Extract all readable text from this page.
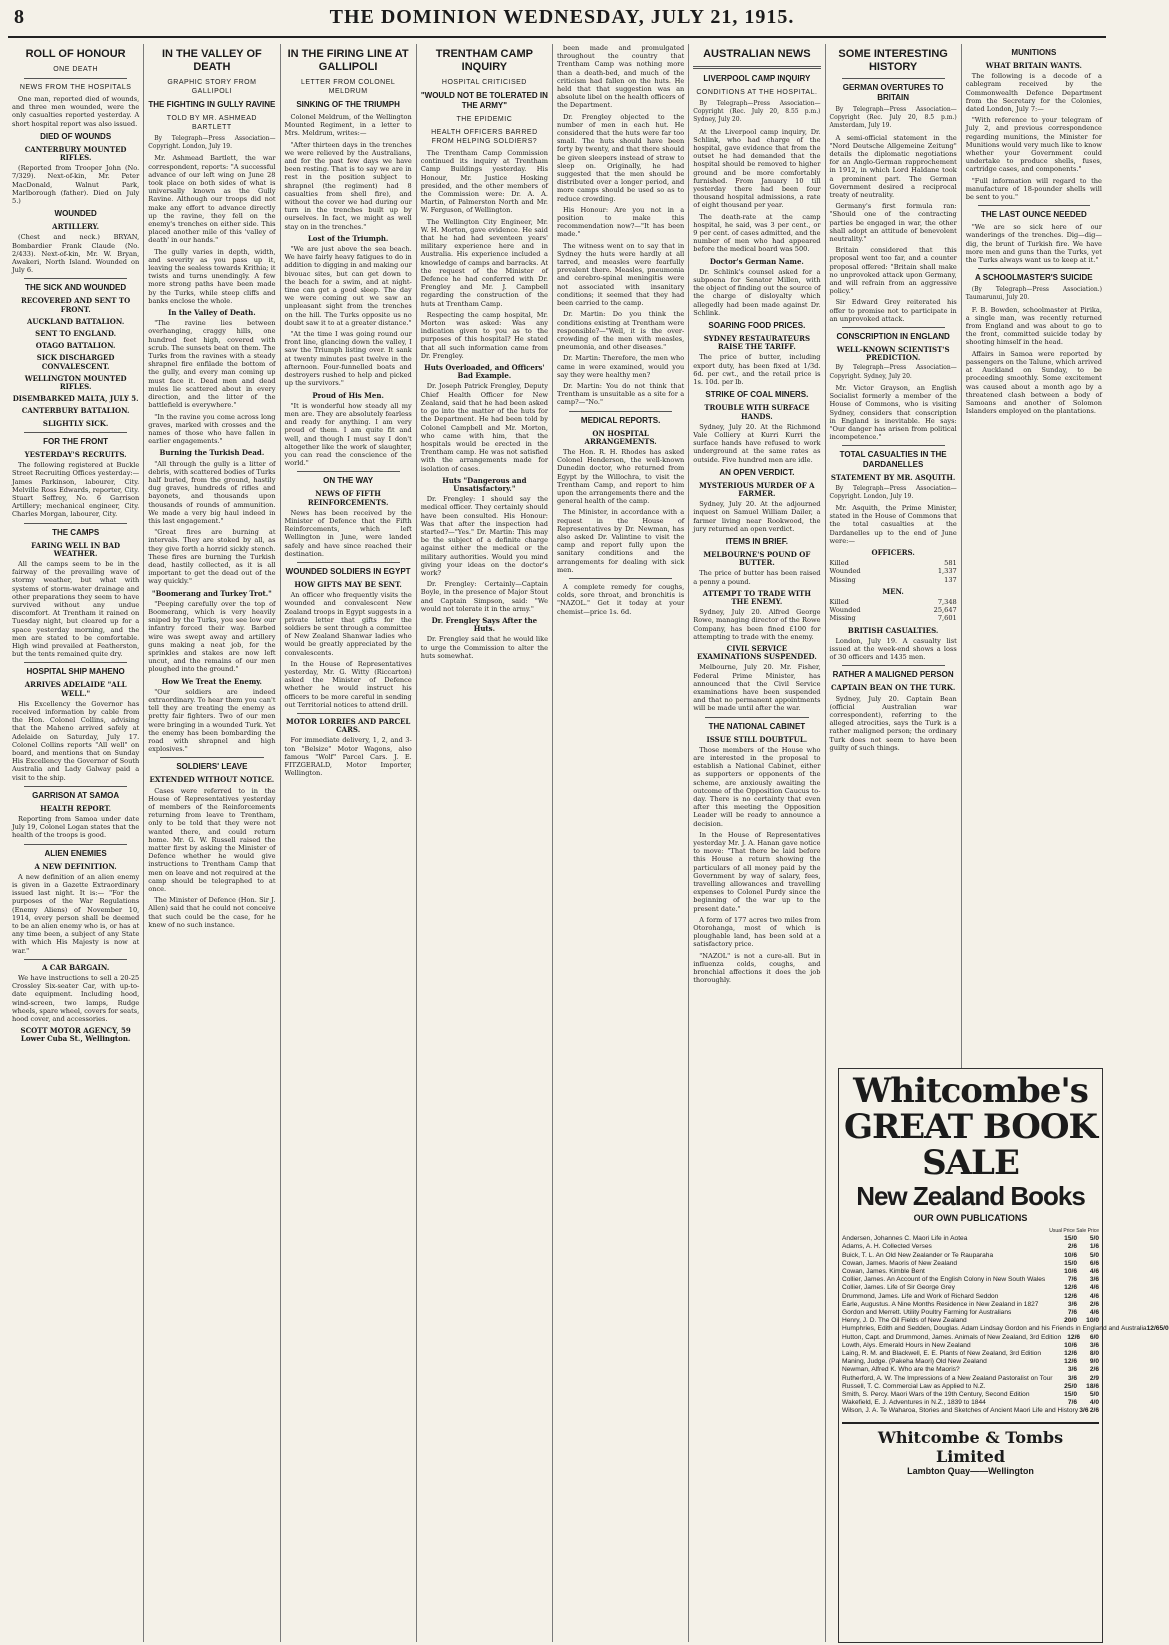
8	THE DOMINION WEDNESDAY, JULY 21, 1915.
ROLL OF HONOUR
ONE DEATH
NEWS FROM THE HOSPITALS

One man, reported died of wounds, and three men wounded, were the only casualties reported yesterday. A short hospital report was also issued.

DIED OF WOUNDS
CANTERBURY MOUNTED RIFLES.

(Reported from Trooper John (No. 7/329). Next-of-kin, Mr. Peter MacDonald, Walnut Park, Marlborough (father). Died on July 5.)

WOUNDED
ARTILLERY.

(Chest and neck.) BRYAN, Bombardier Frank Claude (No. 2/433). Next-of-kin, Mr. W. Bryan, Awakeri, North Island. Wounded on July 6.

THE SICK AND WOUNDED
RECOVERED AND SENT TO FRONT.
AUCKLAND BATTALION.
SENT TO ENGLAND.
OTAGO BATTALION.
SICK DISCHARGED CONVALESCENT.
WELLINGTON MOUNTED RIFLES.
DISEMBARKED MALTA, JULY 5.
CANTERBURY BATTALION.
SLIGHTLY SICK.
FOR THE FRONT
YESTERDAY'S RECRUITS.

The following registered at Buckle Street Recruiting Offices yesterday:— James Parkinson, labourer, City. Melville Ross Edwards, reporter, City. Stuart Seffrey, No. 6 Garrison Artillery; mechanical engineer, City. Charles Morgan, labourer, City.

THE CAMPS
FARING WELL IN BAD WEATHER.

All the camps seem to be in the fairway of the prevailing wave of stormy weather, but what with systems of storm-water drainage and other preparations they seem to have survived without any undue discomfort. At Trentham it rained on Tuesday night, but cleared up for a space yesterday morning, and the men are stated to be comfortable. High wind prevailed at Featherston, but the tents remained quite dry.

HOSPITAL SHIP MAHENO
ARRIVES ADELAIDE "ALL WELL."

His Excellency the Governor has received information by cable from the Hon. Colonel Collins, advising that the Maheno arrived safely at Adelaide on Saturday, July 17. Colonel Collins reports "All well" on board, and mentions that on Sunday His Excellency the Governor of South Australia and Lady Galway paid a visit to the ship.

GARRISON AT SAMOA
HEALTH REPORT.

Reporting from Samoa under date July 19, Colonel Logan states that the health of the troops is good.

ALIEN ENEMIES
A NEW DEFINITION.

A new definition of an alien enemy is given in a Gazette Extraordinary issued last night. It is:— "For the purposes of the War Regulations (Enemy Aliens) of November 10, 1914, every person shall be deemed to be an alien enemy who is, or has at any time been, a subject of any State with which His Majesty is now at war."

A CAR BARGAIN.

We have instructions to sell a 20-25 Crossley Six-seater Car, with up-to-date equipment. Including hood, wind-screen, two lamps, Rudge wheels, spare wheel, covers for seats, hood cover, and accessories.

SCOTT MOTOR AGENCY, 59 Lower Cuba St., Wellington.
IN THE VALLEY OF DEATH
GRAPHIC STORY FROM GALLIPOLI
THE FIGHTING IN GULLY RAVINE
TOLD BY MR. ASHMEAD BARTLETT

By Telegraph—Press Association—Copyright. London, July 19.

Mr. Ashmead Bartlett, the war correspondent, reports: "A successful advance of our left wing on June 28 took place on both sides of what is universally known as the Gully Ravine. Although our troops did not make any effort to advance directly up the ravine, they fell on the enemy's trenches on either side. This placed another mile of this 'valley of death' in our hands."

The gully varies in depth, width, and severity as you pass up it, leaving the sealess towards Krithia; it twists and turns unendingly. A few more strong paths have been made by the Turks, while steep cliffs and banks enclose the whole.

In the Valley of Death.

"The ravine lies between overhanging, craggy hills, one hundred feet high, covered with scrub. The sunsets beat on them. The Turks from the ravines with a steady shrapnel fire enfilade the bottom of the gully, and every man coming up must face it. Dead men and dead mules lie scattered about in every direction, and the litter of the battlefield is everywhere."

"In the ravine you come across long graves, marked with crosses and the names of those who have fallen in earlier engagements."

Burning the Turkish Dead.

"All through the gully is a litter of debris, with scattered bodies of Turks half buried, from the ground, hastily dug graves, hundreds of rifles and bayonets, and thousands upon thousands of rounds of ammunition. We made a very big haul indeed in this last engagement."

"Great fires are burning at intervals. They are stoked by all, as they give forth a horrid sickly stench. These fires are burning the Turkish dead, hastily collected, as it is all important to get the dead out of the way quickly."

"Boomerang and Turkey Trot."

"Peeping carefully over the top of Boomerang, which is very heavily sniped by the Turks, you see low our infantry forced their way. Barbed wire was swept away and artillery guns making a neat job, for the sprinkles and stakes are now left uncut, and the remains of our men ploughed into the ground."

How We Treat the Enemy.

"Our soldiers are indeed extraordinary. To hear them you can't tell they are treating the enemy as pretty fair fighters. Two of our men were bringing in a wounded Turk. Yet the enemy has been bombarding the road with shrapnel and high explosives."

SOLDIERS' LEAVE
EXTENDED WITHOUT NOTICE.

Cases were referred to in the House of Representatives yesterday of members of the Reinforcements returning from leave to Trentham, only to be told that they were not wanted there, and could return home. Mr. G. W. Russell raised the matter first by asking the Minister of Defence whether he would give instructions to Trentham Camp that men on leave and not required at the camp should be telegraphed to at once.

The Minister of Defence (Hon. Sir J. Allen) said that he could not conceive that such could be the case, for he knew of no such instance.

IN THE FIRING LINE AT GALLIPOLI
LETTER FROM COLONEL MELDRUM
SINKING OF THE TRIUMPH

Colonel Meldrum, of the Wellington Mounted Regiment, in a letter to Mrs. Meldrum, writes:—

"After thirteen days in the trenches we were relieved by the Australians, and for the past few days we have been resting. That is to say we are in rest in the position subject to shrapnel (the regiment) had 8 casualties from shell fire), and without the cover we had during our turn in the trenches built up by ourselves. In fact, we might as well stay on in the trenches."

Lost of the Triumph.

"We are just above the sea beach. We have fairly heavy fatigues to do in addition to digging in and making our bivouac sites, but can get down to the beach for a swim, and at night-time can get a good sleep. The day we were coming out we saw an unpleasant sight from the trenches on the hill. The Turks opposite us no doubt saw it to at a greater distance."

"At the time I was going round our front line, glancing down the valley, I saw the Triumph listing over. It sank at twenty minutes past twelve in the afternoon. Four-funnelled boats and destroyers rushed to help and picked up the survivors."

Proud of His Men.

"It is wonderful how steady all my men are. They are absolutely fearless and ready for anything. I am very proud of them. I am quite fit and well, and though I must say I don't altogether like the work of slaughter, you can read the conscience of the world."

ON THE WAY
NEWS OF FIFTH REINFORCEMENTS.

News has been received by the Minister of Defence that the Fifth Reinforcements, which left Wellington in June, were landed safely and have since reached their destination.

WOUNDED SOLDIERS IN EGYPT
HOW GIFTS MAY BE SENT.

An officer who frequently visits the wounded and convalescent New Zealand troops in Egypt suggests in a private letter that gifts for the soldiers be sent through a committee of New Zealand Shanwar ladies who would be greatly appreciated by the convalescents.

In the House of Representatives yesterday, Mr. G. Witty (Riccarton) asked the Minister of Defence whether he would instruct his officers to be more careful in sending out Territorial notices to attend drill.

MOTOR LORRIES AND PARCEL CARS.

For immediate delivery, 1, 2, and 3-ton "Belsize" Motor Wagons, also famous "Wolf" Parcel Cars. J. E. FITZGERALD, Motor Importer, Wellington.

TRENTHAM CAMP INQUIRY
HOSPITAL CRITICISED
"WOULD NOT BE TOLERATED IN THE ARMY"
THE EPIDEMIC
HEALTH OFFICERS BARRED FROM HELPING SOLDIERS?

The Trentham Camp Commission continued its inquiry at Trentham Camp Buildings yesterday. His Honour, Mr. Justice Hosking presided, and the other members of the Commission were: Dr. A. A. Martin, of Palmerston North and Mr. W. Ferguson, of Wellington.

The Wellington City Engineer, Mr. W. H. Morton, gave evidence. He said that he had had seventeen years' military experience here and in Australia. His experience included a knowledge of camps and barracks. At the request of the Minister of Defence he had conferred with Dr. Frengley and Mr. J. Campbell regarding the construction of the huts at Trentham Camp.

Respecting the camp hospital, Mr. Morton was asked: Was any indication given to you as to the purposes of this hospital? He stated that all such information came from Dr. Frengley.

Huts Overloaded, and Officers' Bad Example.

Dr. Joseph Patrick Frengley, Deputy Chief Health Officer for New Zealand, said that he had been asked to go into the matter of the huts for the Department. He had been told by Colonel Campbell and Mr. Morton, who came with him, that the hospitals would be erected in the Trentham camp. He was not satisfied with the arrangements made for isolation of cases.

Huts "Dangerous and Unsatisfactory."

Dr. Frengley: I should say the medical officer. They certainly should have been consulted. His Honour: Was that after the inspection had started?—"Yes." Dr. Martin: This may be the subject of a definite charge against either the medical or the military authorities. Would you mind giving your ideas on the doctor's work?

Dr. Frengley: Certainly—Captain Boyle, in the presence of Major Stout and Captain Simpson, said: "We would not tolerate it in the army."

Dr. Frengley Says After the Huts.

Dr. Frengley said that he would like to urge the Commission to alter the huts somewhat.

been made and promulgated throughout the country that Trentham Camp was nothing more than a death-bed, and much of the criticism had fallen on the huts. He held that that suggestion was an absolute libel on the health officers of the Department.

Dr. Frengley objected to the number of men in each hut. He considered that the huts were far too small. The huts should have been forty by twenty, and that there should be given sleepers instead of straw to sleep on. Originally, he had suggested that the men should be distributed over a longer period, and more camps should be used so as to reduce crowding.

His Honour: Are you not in a position to make this recommendation now?—"It has been made."

The witness went on to say that in Sydney the huts were hardly at all tarred, and measles were fearfully prevalent there. Measles, pneumonia and cerebro-spinal meningitis were not associated with insanitary conditions; it seemed that they had been carried to the camp.

Dr. Martin: Do you think the conditions existing at Trentham were responsible?—"Well, it is the over-crowding of the men with measles, pneumonia, and other diseases."

Dr. Martin: Therefore, the men who came in were examined, would you say they were healthy men?

Dr. Martin: You do not think that Trentham is unsuitable as a site for a camp?—"No."

MEDICAL REPORTS.
ON HOSPITAL ARRANGEMENTS.

The Hon. R. H. Rhodes has asked Colonel Henderson, the well-known Dunedin doctor, who returned from Egypt by the Willochra, to visit the Trentham Camp, and report to him upon the arrangements there and the general health of the camp.

The Minister, in accordance with a request in the House of Representatives by Dr. Newman, has also asked Dr. Valintine to visit the camp and report fully upon the sanitary conditions and the arrangements for dealing with sick men.

A complete remedy for coughs, colds, sore throat, and bronchitis is "NAZOL." Get it today at your chemist—price 1s. 6d.

AUSTRALIAN NEWS
LIVERPOOL CAMP INQUIRY
CONDITIONS AT THE HOSPITAL.

By Telegraph—Press Association—Copyright (Rec. July 20, 8.55 p.m.) Sydney, July 20.

At the Liverpool camp inquiry, Dr. Schlink, who had charge of the hospital, gave evidence that from the outset he had demanded that the hospital should be removed to higher ground and be more comfortably furnished. From January 10 till yesterday there had been four thousand hospital admissions, a rate of eight thousand per year.

The death-rate at the camp hospital, he said, was 3 per cent., or 9 per cent. of cases admitted, and the number of men who had appeared before the medical board was 500.

Doctor's German Name.

Dr. Schlink's counsel asked for a subpoena for Senator Millen, with the object of finding out the source of the charge of disloyalty which allegedly had been made against Dr. Schlink.

SOARING FOOD PRICES.
SYDNEY RESTAURATEURS RAISE THE TARIFF.

The price of butter, including export duty, has been fixed at 1/3d. 6d. per cwt., and the retail price is 1s. 10d. per lb.

STRIKE OF COAL MINERS.
TROUBLE WITH SURFACE HANDS.

Sydney, July 20. At the Richmond Vale Colliery at Kurri Kurri the surface hands have refused to work underground at the same rates as outside. Five hundred men are idle.

AN OPEN VERDICT.
MYSTERIOUS MURDER OF A FARMER.

Sydney, July 20. At the adjourned inquest on Samuel William Dailer, a farmer living near Rookwood, the jury returned an open verdict.

ITEMS IN BRIEF.
MELBOURNE'S POUND OF BUTTER.

The price of butter has been raised a penny a pound.

ATTEMPT TO TRADE WITH THE ENEMY.

Sydney, July 20. Alfred George Rowe, managing director of the Rowe Company, has been fined £100 for attempting to trade with the enemy.

CIVIL SERVICE EXAMINATIONS SUSPENDED.

Melbourne, July 20. Mr. Fisher, Federal Prime Minister, has announced that the Civil Service examinations have been suspended and that no permanent appointments will be made until after the war.

THE NATIONAL CABINET
ISSUE STILL DOUBTFUL.

Those members of the House who are interested in the proposal to establish a National Cabinet, either as supporters or opponents of the scheme, are anxiously awaiting the outcome of the Opposition Caucus to-day. There is no certainty that even after this meeting the Opposition Leader will be ready to announce a decision.

In the House of Representatives yesterday Mr. J. A. Hanan gave notice to move: "That there be laid before this House a return showing the particulars of all money paid by the Government by way of salary, fees, travelling allowances and travelling expenses to Colonel Purdy since the beginning of the war up to the present date."

A form of 177 acres two miles from Otorohanga, most of which is ploughable land, has been sold at a satisfactory price.

"NAZOL" is not a cure-all. But in influenza colds, coughs, and bronchial affections it does the job thoroughly.

SOME INTERESTING HISTORY
GERMAN OVERTURES TO BRITAIN

By Telegraph—Press Association—Copyright (Rec. July 20, 8.5 p.m.) Amsterdam, July 19.

A semi-official statement in the "Nord Deutsche Allgemeine Zeitung" details the diplomatic negotiations for an Anglo-German rapprochement in 1912, in which Lord Haldane took a prominent part. The German Government desired a reciprocal treaty of neutrality.

Germany's first formula ran: "Should one of the contracting parties be engaged in war, the other shall adopt an attitude of benevolent neutrality."

Britain considered that this proposal went too far, and a counter proposal offered: "Britain shall make no unprovoked attack upon Germany, and will refrain from an aggressive policy."

Sir Edward Grey reiterated his offer to promise not to participate in an unprovoked attack.

CONSCRIPTION IN ENGLAND
WELL-KNOWN SCIENTIST'S PREDICTION.

By Telegraph—Press Association—Copyright. Sydney, July 20.

Mr. Victor Grayson, an English Socialist formerly a member of the House of Commons, who is visiting Sydney, considers that conscription in England is inevitable. He says: "Our danger has arisen from political incompetence."

TOTAL CASUALTIES IN THE DARDANELLES
STATEMENT BY MR. ASQUITH.

By Telegraph—Press Association—Copyright. London, July 19.

Mr. Asquith, the Prime Minister, stated in the House of Commons that the total casualties at the Dardanelles up to the end of June were:—

OFFICERS.
Killed	581
Wounded	1,337
Missing	137
MEN.
Killed	7,348
Wounded	25,647
Missing	7,601
BRITISH CASUALTIES.

London, July 19. A casualty list issued at the week-end shows a loss of 30 officers and 1435 men.

RATHER A MALIGNED PERSON
CAPTAIN BEAN ON THE TURK.

Sydney, July 20. Captain Bean (official Australian war correspondent), referring to the alleged atrocities, says the Turk is a rather maligned person; the ordinary Turk does not seem to have been guilty of such things.

MUNITIONS
WHAT BRITAIN WANTS.

The following is a decode of a cablegram received by the Commonwealth Defence Department from the Secretary for the Colonies, dated London, July 7:—

"With reference to your telegram of July 2, and previous correspondence regarding munitions, the Minister for Munitions would very much like to know whether your Government could undertake to produce shells, fuses, cartridge cases, and components."

"Full information will regard to the manufacture of 18-pounder shells will be sent to you."

THE LAST OUNCE NEEDED

"We are so sick here of our wanderings of the trenches. Dig—dig—dig, the brunt of Turkish fire. We have more men and guns than the Turks, yet the Turks always want us to keep at it."

A SCHOOLMASTER'S SUICIDE

(By Telegraph—Press Association.) Taumarunui, July 20.

F. B. Bowden, schoolmaster at Pirika, a single man, was recently returned from England and was about to go to the front, committed suicide today by shooting himself in the head.

Affairs in Samoa were reported by passengers on the Talune, which arrived at Auckland on Sunday, to be proceeding smoothly. Some excitement was caused about a month ago by a threatened clash between a body of Samoans and another of Solomon Islanders employed on the plantations.

Whitcombe's
GREAT BOOK SALE
New Zealand Books
OUR OWN PUBLICATIONS
Usual Price Sale Price
Andersen, Johannes C. Maori Life in Aotea	15/0	5/0
Adams, A. H. Collected Verses	2/6	1/6
Buick, T. L. An Old New Zealander or Te Rauparaha	10/6	5/0
Cowan, James. Maoris of New Zealand	15/0	6/6
Cowan, James. Kimble Bent	10/6	4/6
Collier, James. An Account of the English Colony in New South Wales	7/6	3/6
Collier, James. Life of Sir George Grey	12/6	4/6
Drummond, James. Life and Work of Richard Seddon	12/6	4/6
Earle, Augustus. A Nine Months Residence in New Zealand in 1827	3/6	2/6
Gordon and Merrett. Utility Poultry Farming for Australians	7/6	4/6
Henry, J. D. The Oil Fields of New Zealand	20/0	10/0
Humphries, Edith and Sedden, Douglas. Adam Lindsay Gordon and his Friends in England and Australia 12/6 5/0
Hutton, Capt. and Drummond, James. Animals of New Zealand, 3rd Edition 12/6	6/0
Lowth, Alys. Emerald Hours in New Zealand	10/6	3/6
Laing, R. M. and Blackwell, E. E. Plants of New Zealand, 3rd Edition	12/6	8/0
Maning, Judge. (Pakeha Maori) Old New Zealand	12/6	9/0
Newman, Alfred K. Who are the Maoris?	3/6	2/6
Rutherford, A. W. The Impressions of a New Zealand Pastoralist on Tour	3/6	2/9
Russell, T. C. Commercial Law as Applied to N.Z.	25/0	18/6
Smith, S. Percy. Maori Wars of the 19th Century, Second Edition	15/0	5/0
Wakefield, E. J. Adventures in N.Z., 1839 to 1844	7/6	4/0
Wilson, J. A. Te Waharoa, Stories and Sketches of Ancient Maori Life and History 3/6 2/6
Whitcombe & Tombs Limited
Lambton Quay——Wellington
